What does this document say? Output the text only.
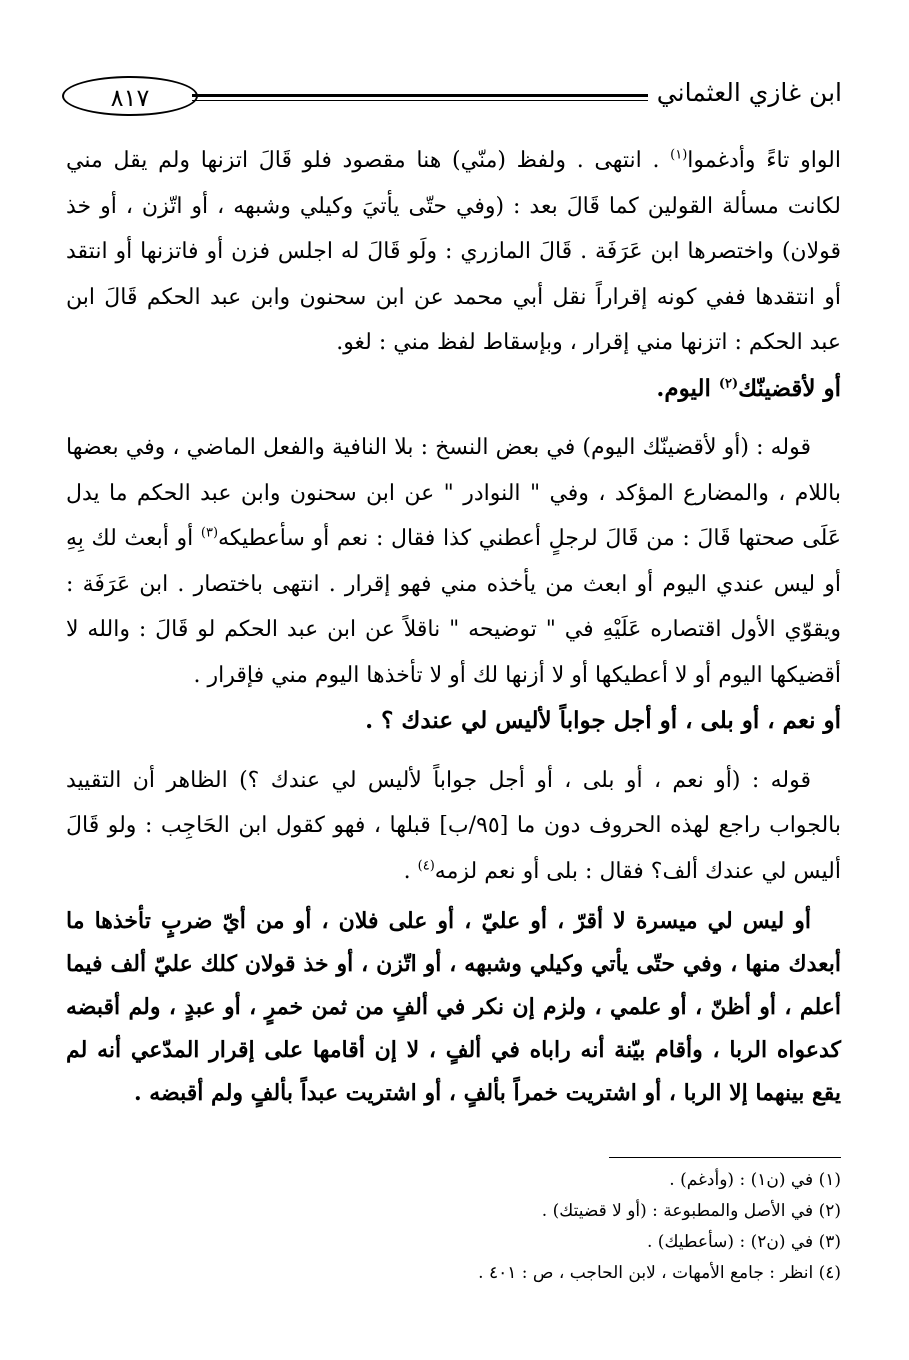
ابن غازي العثماني
٨١٧

الواو تاءً وأدغموا$^{(١)}$ . انتهى . ولفظ (منّي) هنا مقصود فلو قَالَ اتزنها ولم يقل مني لكانت مسألة القولين كما قَالَ بعد : (وفي حتّى يأتيَ وكيلي وشبهه ، أو اتّزن ، أو خذ قولان) واختصرها ابن عَرَفَة . قَالَ المازري : ولَو قَالَ له اجلس فزن أو فاتزنها أو انتقد أو انتقدها ففي كونه إقراراً نقل أبي محمد عن ابن سحنون وابن عبد الحكم قَالَ ابن عبد الحكم : اتزنها مني إقرار ، وبإسقاط لفظ مني : لغو.

أو لأقضينّك$^{(٢)}$ اليوم.

قوله : (أو لأقضينّك اليوم) في بعض النسخ : بلا النافية والفعل الماضي ، وفي بعضها باللام ، والمضارع المؤكد ، وفي " النوادر " عن ابن سحنون وابن عبد الحكم ما يدل عَلَى صحتها قَالَ : من قَالَ لرجلٍ أعطني كذا فقال : نعم أو سأعطيكه$^{(٣)}$ أو أبعث لك بِهِ أو ليس عندي اليوم أو ابعث من يأخذه مني فهو إقرار . انتهى باختصار . ابن عَرَفَة : ويقوّي الأول اقتصاره عَلَيْهِ في " توضيحه " ناقلاً عن ابن عبد الحكم لو قَالَ : والله لا أقضيكها اليوم أو لا أعطيكها أو لا أزنها لك أو لا تأخذها اليوم مني فإقرار .

أو نعم ، أو بلى ، أو أجل جواباً لأليس لي عندك ؟ .

قوله : (أو نعم ، أو بلى ، أو أجل جواباً لأليس لي عندك ؟) الظاهر أن التقييد بالجواب راجع لهذه الحروف دون ما [٩٥/ب] قبلها ، فهو كقول ابن الحَاجِب : ولو قَالَ أليس لي عندك ألف؟ فقال : بلى أو نعم لزمه$^{(٤)}$ .

أو ليس لي ميسرة لا أقرّ ، أو عليّ ، أو على فلان ، أو من أيّ ضربٍ تأخذها ما أبعدك منها ، وفي حتّى يأتي وكيلي وشبهه ، أو اتّزن ، أو خذ قولان كلك عليّ ألف فيما أعلم ، أو أظنّ ، أو علمي ، ولزم إن نكر في ألفٍ من ثمن خمرٍ ، أو عبدٍ ، ولم أقبضه كدعواه الربا ، وأقام بيّنة أنه راباه في ألفٍ ، لا إن أقامها على إقرار المدّعي أنه لم يقع بينهما إلا الربا ، أو اشتريت خمراً بألفٍ ، أو اشتريت عبداً بألفٍ ولم أقبضه .

(١) في (ن١) : (وأدغم) .
(٢) في الأصل والمطبوعة : (أو لا قضيتك) .
(٣) في (ن٢) : (سأعطيك) .
(٤) انظر : جامع الأمهات ، لابن الحاجب ، ص : ٤٠١ .
